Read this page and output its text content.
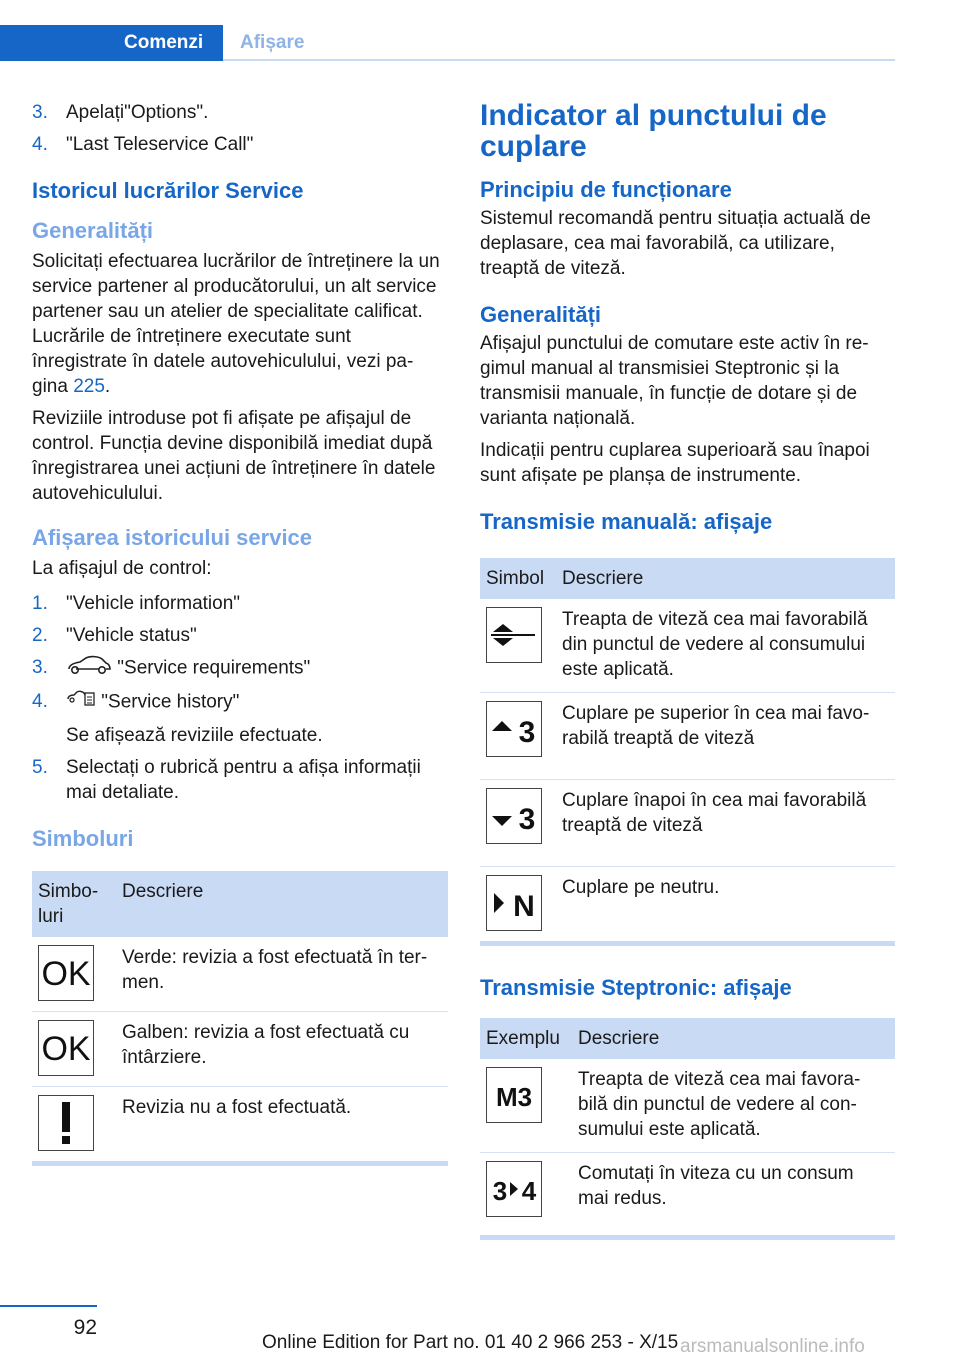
Comenzi	Afișare
3. Apelați"Options".
4. "Last Teleservice Call"
Istoricul lucrărilor Service
Generalități

Solicitați efectuarea lucrărilor de întreținere la un service partener al producătorului, un alt service partener sau un atelier de specialitate calificat. Lucrările de întreținere executate sunt înregistrate în datele autovehiculului, vezi pa‐gina 225.

Reviziile introduse pot fi afișate pe afișajul de control. Funcția devine disponibilă imediat după înregistrarea unei acțiuni de întreținere în datele autovehiculului.

Afișarea istoricului service

La afișajul de control:

1. "Vehicle information"
2. "Vehicle status"
3.	"Service requirements"
4.	"Service history"
Se afișează reviziile efectuate.
5. Selectați o rubrică pentru a afișa informații mai detaliate.
Simboluri
Simbo‐luri	Descriere

OK	Verde: revizia a fost efectuată în ter‐men.

OK	Galben: revizia a fost efectuată cu întârziere.

	Revizia nu a fost efectuată.
Indicator al punctului de cuplare
Principiu de funcționare

Sistemul recomandă pentru situația actuală de deplasare, cea mai favorabilă, ca utilizare, treaptă de viteză.

Generalități

Afișajul punctului de comutare este activ în re‐gimul manual al transmisiei Steptronic și la transmisii manuale, în funcție de dotare și de varianta națională.

Indicații pentru cuplarea superioară sau înapoi sunt afișate pe planșa de instrumente.

Transmisie manuală: afișaje
Simbol	Descriere

	Treapta de viteză cea mai favorabilă din punctul de vedere al consumului este aplicată.

3	Cuplare pe superior în cea mai favo‐rabilă treaptă de viteză

3	Cuplare înapoi în cea mai favorabilă treaptă de viteză

N	Cuplare pe neutru.
Transmisie Steptronic: afișaje
Exemplu	Descriere

M3	Treapta de viteză cea mai favora‐bilă din punctul de vedere al con‐sumului este aplicată.

3 4	Comutați în viteza cu un consum mai redus.
92
Online Edition for Part no. 01 40 2 966 253 - X/15 arsmanualsonline.info
